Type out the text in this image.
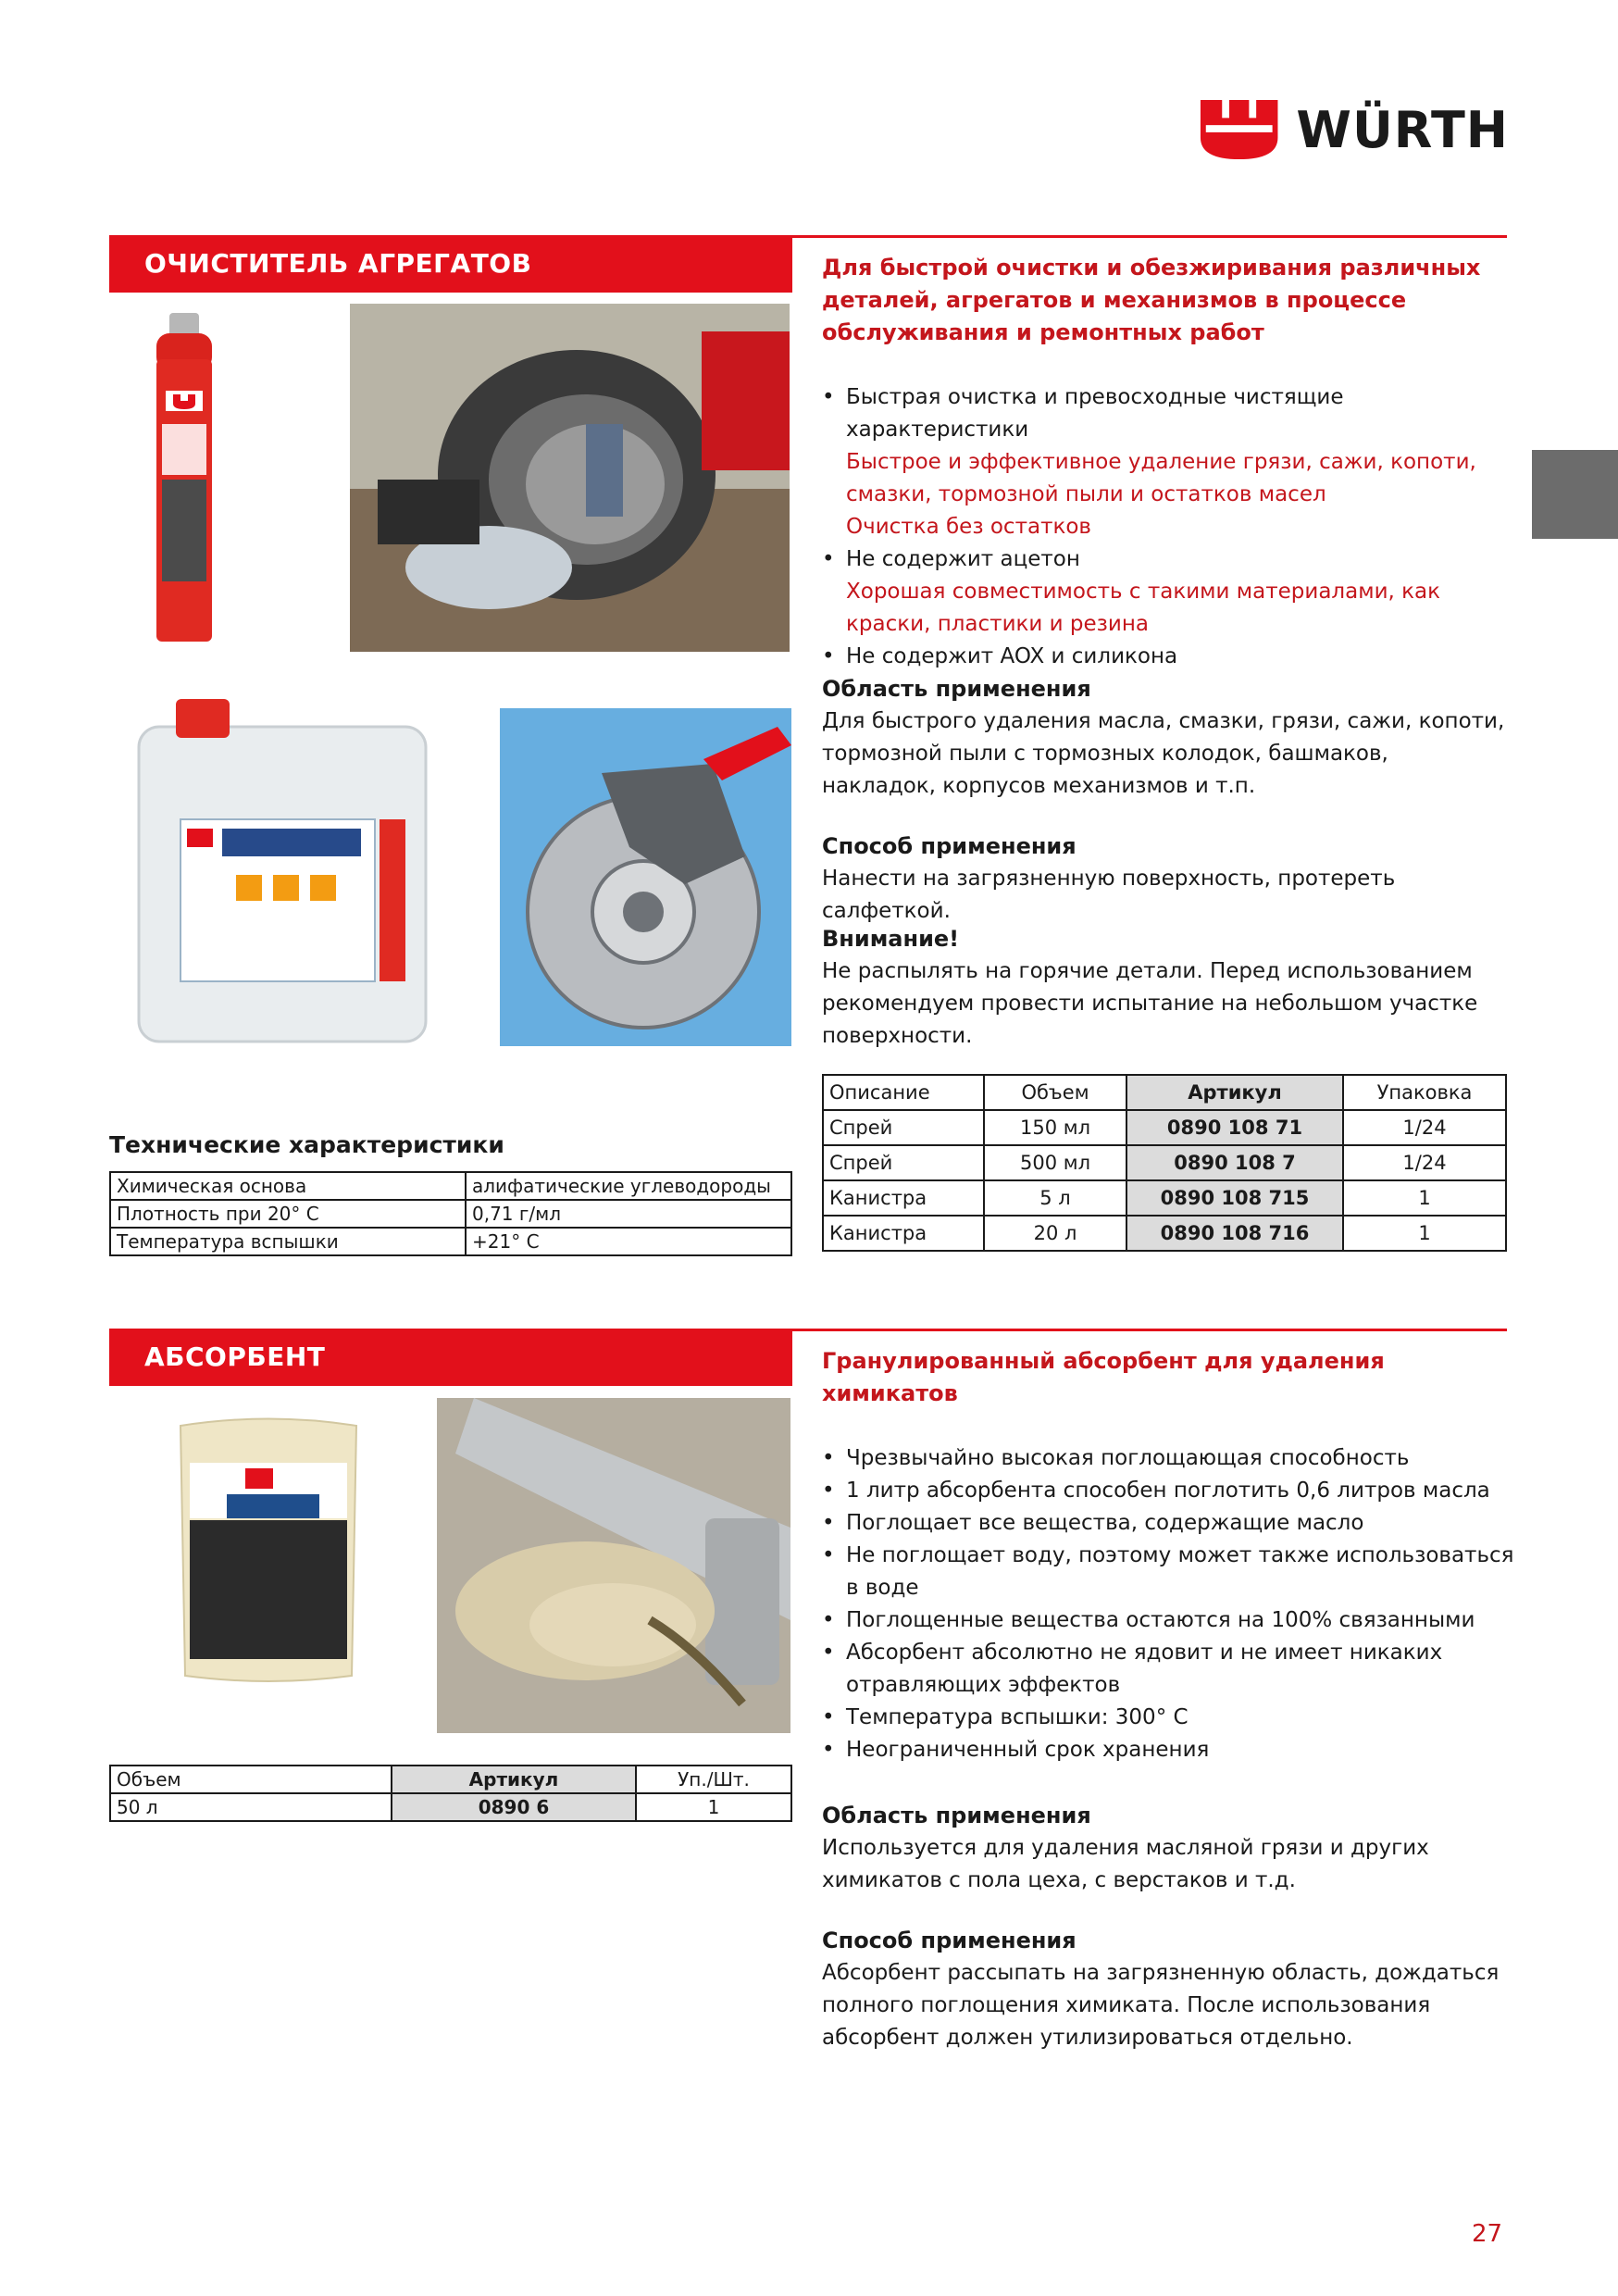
WÜRTH
ОЧИСТИТЕЛЬ АГРЕГАТОВ	Для быстрой очистки и обезжиривания различных деталей, агрегатов и механизмов в процессе обслуживания и ремонтных работ
• Быстрая очистка и превосходные чистящие характеристики
Быстрое и эффективное удаление грязи, сажи, копоти, смазки, тормозной пыли и остатков масел
Очистка без остатков
• Не содержит ацетон
Хорошая совместимость с такими материалами, как краски, пластики и резина
• Не содержит AOX и силикона
Область применения
Для быстрого удаления масла, смазки, грязи, сажи, копоти, тормозной пыли с тормозных колодок, башмаков, накладок, корпусов механизмов и т.п.
Способ применения
Нанести на загрязненную поверхность, протереть салфеткой.
Внимание!
Не распылять на горячие детали. Перед использованием рекомендуем провести испытание на небольшом участке поверхности.
Описание	Объем	Артикул	Упаковка
Спрей	150 мл	0890 108 71	1/24
Спрей	500 мл	0890 108 7	1/24
Канистра	5 л	0890 108 715	1
Канистра	20 л	0890 108 716	1
Технические характеристики
Химическая основа	алифатические углеводороды
Плотность при 20° С	0,71 г/мл
Температура вспышки	+21° С
АБСОРБЕНТ	Гранулированный абсорбент для удаления химикатов
• Чрезвычайно высокая поглощающая способность
• 1 литр абсорбента способен поглотить 0,6 литров масла
• Поглощает все вещества, содержащие масло
• Не поглощает воду, поэтому может также использоваться в воде
• Поглощенные вещества остаются на 100% связанными
• Абсорбент абсолютно не ядовит и не имеет никаких отравляющих эффектов
• Температура вспышки: 300° С
• Неограниченный срок хранения
Область применения
Используется для удаления масляной грязи и других химикатов с пола цеха, с верстаков и т.д.
Способ применения
Абсорбент рассыпать на загрязненную область, дождаться полного поглощения химиката. После использования абсорбент должен утилизироваться отдельно.
Объем	Артикул	Уп./Шт.
50 л	0890 6	1
27
